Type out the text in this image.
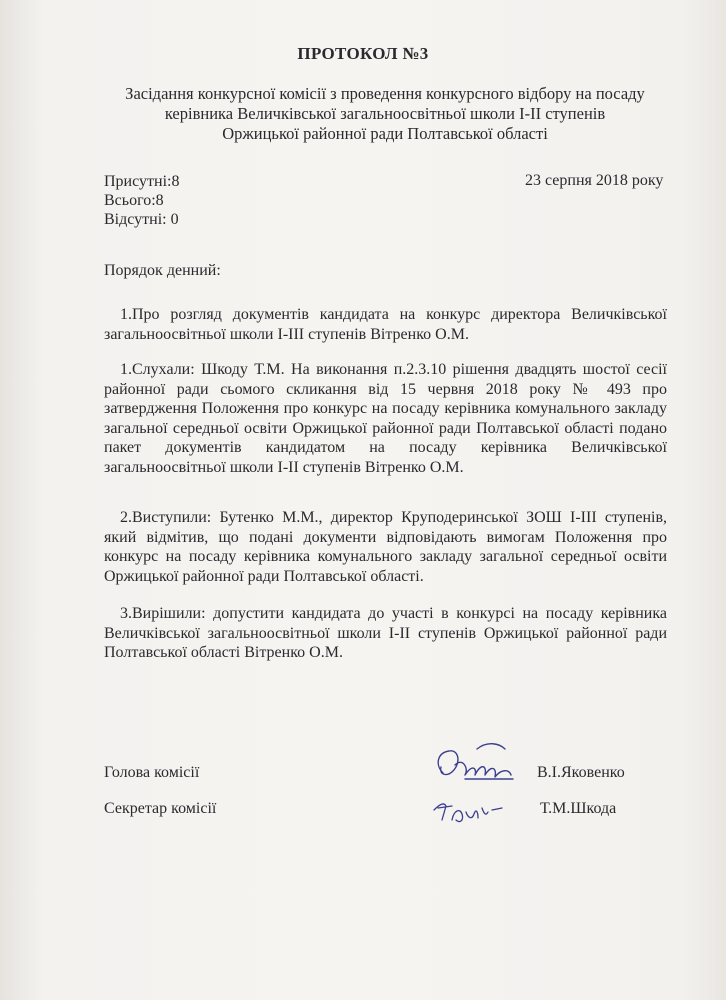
ПРОТОКОЛ №3
Засідання конкурсної комісії з проведення конкурсного відбору на посаду
керівника Величківської загальноосвітньої школи І-ІІ ступенів
Оржицької районної ради Полтавської області
Присутні:8
Всього:8
Відсутні: 0
23 серпня 2018 року
Порядок денний:
1.Про розгляд документів кандидата на конкурс директора Величківської загальноосвітньої школи І-ІІІ ступенів Вітренко О.М.
1.Слухали: Шкоду Т.М. На виконання п.2.3.10 рішення двадцять шостої сесії районної ради сьомого скликання від 15 червня 2018 року № 493 про затвердження Положення про конкурс на посаду керівника комунального закладу загальної середньої освіти Оржицької районної ради Полтавської області подано пакет документів кандидатом на посаду керівника Величківської загальноосвітньої школи І-ІІ ступенів Вітренко О.М.
2.Виступили: Бутенко М.М., директор Круподеринської ЗОШ І-ІІІ ступенів, який відмітив, що подані документи відповідають вимогам Положення про конкурс на посаду керівника комунального закладу загальної середньої освіти Оржицької районної ради Полтавської області.
3.Вирішили: допустити кандидата до участі в конкурсі на посаду керівника Величківської загальноосвітньої школи І-ІІ ступенів Оржицької районної ради Полтавської області Вітренко О.М.
Голова комісії	В.І.Яковенко
Секретар комісії	Т.М.Шкода
